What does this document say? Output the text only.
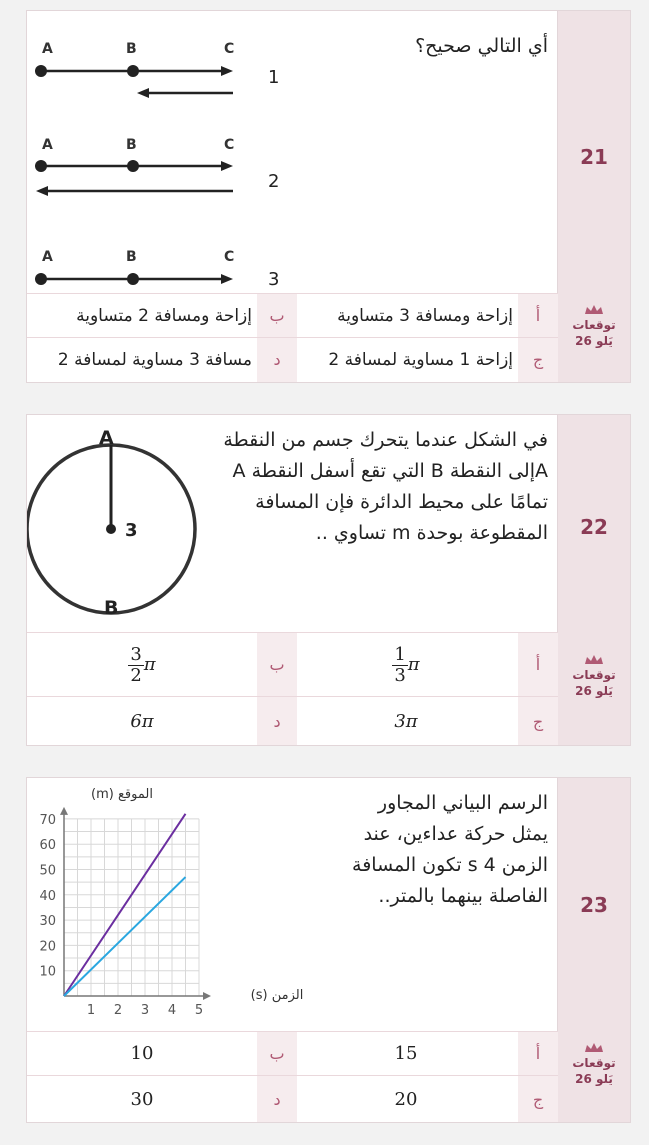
21
أي التالي صحيح؟
A	B	C
1
A	B	C
2
A	B	C
3
أ
إزاحة ومسافة 3 متساوية
ب
إزاحة ومسافة 2 متساوية
ج
إزاحة 1 مساوية لمسافة 2
د
مسافة 3 مساوية لمسافة 2
توقعات
يَلو 26
22
في الشكل عندما يتحرك جسم من النقطة
Aإلى النقطة B التي تقع أسفل النقطة A
تمامًا على محيط الدائرة فإن المسافة
المقطوعة بوحدة m تساوي ..
3
A
B
أ
$\frac{1}{3}$ π
ب
$\frac{3}{2}$ π
ج
3π
د
6π
توقعات
يَلو 26
23
الرسم البياني المجاور
يمثل حركة عداءين، عند
الزمن s 4 تكون المسافة
الفاصلة بينهما بالمتر..
1 2 3 4 5
10
20
30
40
50
60
70
الموقع (m)
الزمن (s)
أ
15
ب
10
ج
20
د
30
توقعات
يَلو 26
